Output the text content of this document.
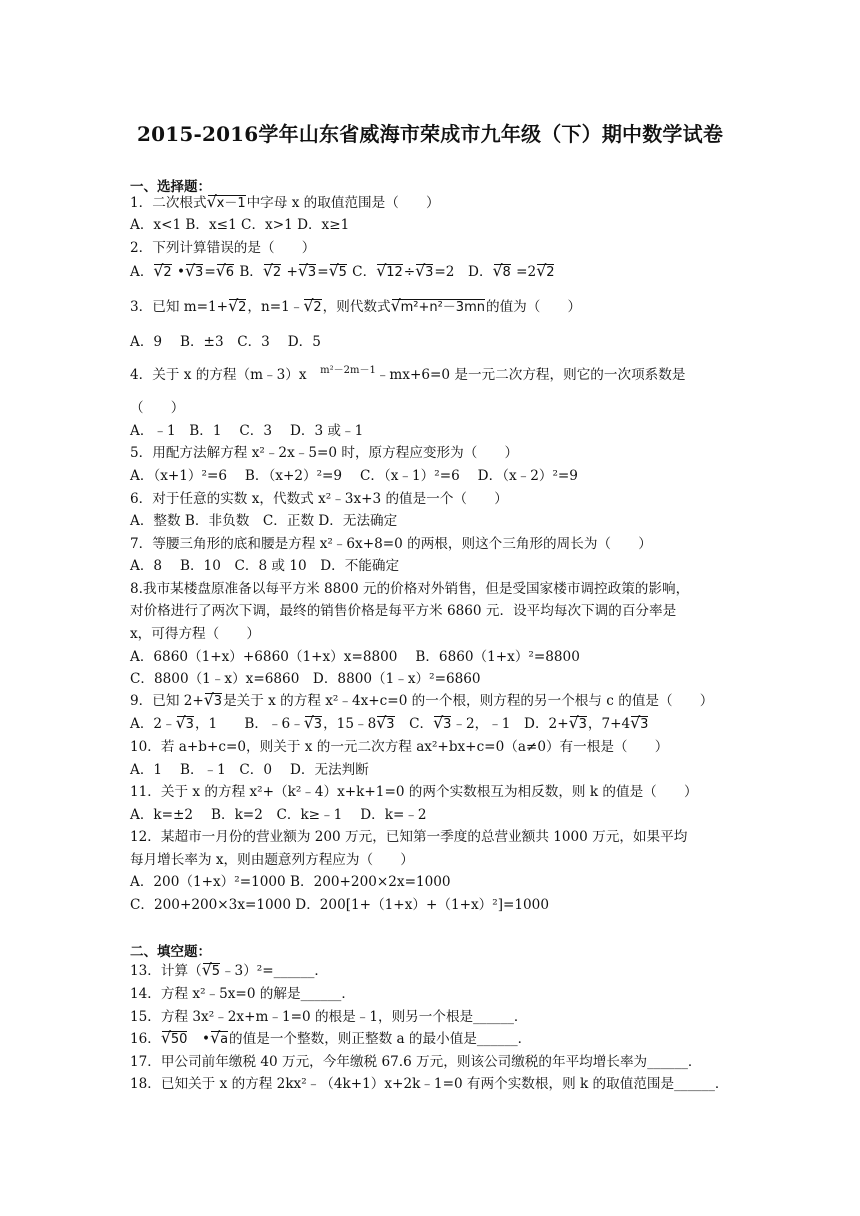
2015-2016学年山东省威海市荣成市九年级（下）期中数学试卷
一、选择题：
1．二次根式 √ x－1中字母 x 的取值范围是（　　）
A．x<1 B．x≤1 C．x>1 D．x≥1
2．下列计算错误的是（　　）
A． √ 2 • √ 3= √ 6 B． √ 2 + √ 3= √ 5 C． √ 12÷ √ 3=2　D． √ 8 =2 √ 2
3．已知 m=1+ √ 2，n=1﹣ √ 2，则代数式 √ m²+n²－3mn的值为（　　）
A．9　 B．±3　C．3　 D．5
4．关于 x 的方程（m﹣3）x　 $^{m^2-2m-1}$﹣mx+6=0 是一元二次方程，则它的一次项系数是
（　　）
A．﹣1　B．1　 C．3　 D．3 或﹣1
5．用配方法解方程 x²﹣2x﹣5=0 时，原方程应变形为（　　）
A．（x+1）²=6　 B．（x+2）²=9　 C．（x﹣1）²=6　 D．（x﹣2）²=9
6．对于任意的实数 x，代数式 x²﹣3x+3 的值是一个（　　）
A．整数 B．非负数　C．正数 D．无法确定
7．等腰三角形的底和腰是方程 x²﹣6x+8=0 的两根，则这个三角形的周长为（　　）
A．8　 B．10　C．8 或 10　D．不能确定
8.我市某楼盘原准备以每平方米 8800 元的价格对外销售，但是受国家楼市调控政策的影响，
对价格进行了两次下调，最终的销售价格是每平方米 6860 元．设平均每次下调的百分率是
x，可得方程（　　）
A．6860（1+x）+6860（1+x）x=8800　 B．6860（1+x）²=8800
C．8800（1﹣x）x=6860　D．8800（1﹣x）²=6860
9．已知 2+ √ 3是关于 x 的方程 x²﹣4x+c=0 的一个根，则方程的另一个根与 c 的值是（　　）
A．2﹣ √ 3，1　　B．﹣6﹣ √ 3，15﹣8 √ 3　C． √ 3﹣2，﹣1　D．2+ √ 3，7+4 √ 3
10．若 a+b+c=0，则关于 x 的一元二次方程 ax²+bx+c=0（a≠0）有一根是（　　）
A．1　 B．﹣1　C．0　 D．无法判断
11．关于 x 的方程 x²+（k²﹣4）x+k+1=0 的两个实数根互为相反数，则 k 的值是（　　）
A．k=±2　 B．k=2　C．k≥﹣1　 D．k=﹣2
12．某超市一月份的营业额为 200 万元，已知第一季度的总营业额共 1000 万元，如果平均
每月增长率为 x，则由题意列方程应为（　　）
A．200（1+x）²=1000 B．200+200×2x=1000
C．200+200×3x=1000 D．200[1+（1+x）+（1+x）²]=1000
二、填空题：
13．计算（ √ 5﹣3）²=______．
14．方程 x²﹣5x=0 的解是______．
15．方程 3x²﹣2x+m﹣1=0 的根是﹣1，则另一个根是______．
16． √ 50　 • √ a的值是一个整数，则正整数 a 的最小值是______．
17．甲公司前年缴税 40 万元，今年缴税 67.6 万元，则该公司缴税的年平均增长率为______．
18．已知关于 x 的方程 2kx²﹣（4k+1）x+2k﹣1=0 有两个实数根，则 k 的取值范围是______．
